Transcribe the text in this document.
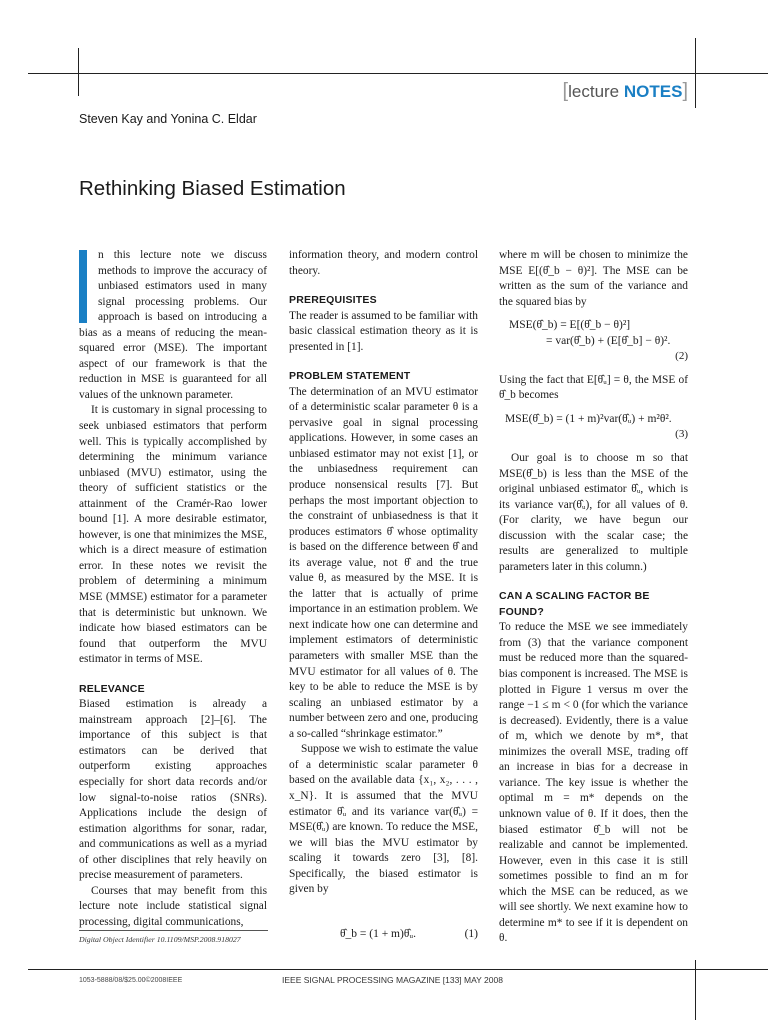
[lecture NOTES]
Steven Kay and Yonina C. Eldar
Rethinking Biased Estimation

n this lecture note we discuss methods to improve the accuracy of unbiased estimators used in many signal processing problems. Our approach is based on introducing a bias as a means of reducing the mean-squared error (MSE). The important aspect of our framework is that the reduction in MSE is guaranteed for all values of the unknown parameter.

It is customary in signal processing to seek unbiased estimators that perform well. This is typically accomplished by determining the minimum variance unbiased (MVU) estimator, using the theory of sufficient statistics or the attainment of the Cramér-Rao lower bound [1]. A more desirable estimator, however, is one that minimizes the MSE, which is a direct measure of estimation error. In these notes we revisit the problem of determining a minimum MSE (MMSE) estimator for a parameter that is deterministic but unknown. We indicate how biased estimators can be found that outperform the MVU estimator in terms of MSE.

RELEVANCE

Biased estimation is already a mainstream approach [2]–[6]. The importance of this subject is that estimators can be derived that outperform existing approaches especially for short data records and/or low signal-to-noise ratios (SNRs). Applications include the design of estimation algorithms for sonar, radar, and communications as well as a myriad of other disciplines that rely heavily on precise measurement of parameters.

Courses that may benefit from this lecture note include statistical signal processing, digital communications,

information theory, and modern control theory.

PREREQUISITES

The reader is assumed to be familiar with basic classical estimation theory as it is presented in [1].

PROBLEM STATEMENT

The determination of an MVU estimator of a deterministic scalar parameter θ is a pervasive goal in signal processing applications. However, in some cases an unbiased estimator may not exist [1], or the unbiasedness requirement can produce nonsensical results [7]. But perhaps the most important objection to the constraint of unbiasedness is that it produces estimators θ̂ whose optimality is based on the difference between θ̂ and its average value, not θ̂ and the true value θ, as measured by the MSE. It is the latter that is actually of prime importance in an estimation problem. We next indicate how one can determine and implement estimators of deterministic parameters with smaller MSE than the MVU estimator for all values of θ. The key to be able to reduce the MSE is by scaling an unbiased estimator by a number between zero and one, producing a so-called “shrinkage estimator.”

Suppose we wish to estimate the value of a deterministic scalar parameter θ based on the available data {x₁, x₂, . . . , x_N}. It is assumed that the MVU estimator θ̂ᵤ and its variance var(θ̂ᵤ) = MSE(θ̂ᵤ) are known. To reduce the MSE, we will bias the MVU estimator by scaling it towards zero [3], [8]. Specifically, the biased estimator is given by

where m will be chosen to minimize the MSE E[(θ̂_b − θ)²]. The MSE can be written as the sum of the variance and the squared bias by

MSE(θ̂_b) = E[(θ̂_b − θ)²]
= var(θ̂_b) + (E[θ̂_b] − θ)².
(2)

Using the fact that E[θ̂ᵤ] = θ, the MSE of θ̂_b becomes

MSE(θ̂_b) = (1 + m)²var(θ̂ᵤ) + m²θ².
(3)

Our goal is to choose m so that MSE(θ̂_b) is less than the MSE of the original unbiased estimator θ̂ᵤ, which is its variance var(θ̂ᵤ), for all values of θ. (For clarity, we have begun our discussion with the scalar case; the results are generalized to multiple parameters later in this column.)

CAN A SCALING FACTOR BE FOUND?

To reduce the MSE we see immediately from (3) that the variance component must be reduced more than the squared-bias component is increased. The MSE is plotted in Figure 1 versus m over the range −1 ≤ m < 0 (for which the variance is decreased). Evidently, there is a value of m, which we denote by m*, that minimizes the overall MSE, trading off an increase in bias for a decrease in variance. The key issue is whether the optimal m = m* depends on the unknown value of θ. If it does, then the biased estimator θ̂_b will not be realizable and cannot be implemented. However, even in this case it is still sometimes possible to find an m for which the MSE can be reduced, as we will see shortly. We next examine how to determine m* to see if it is dependent on θ.

Digital Object Identifier 10.1109/MSP.2008.918027	θ̂_b = (1 + m)θ̂ᵤ.	(1)
1053-5888/08/$25.00©2008IEEE	IEEE SIGNAL PROCESSING MAGAZINE [133] MAY 2008
